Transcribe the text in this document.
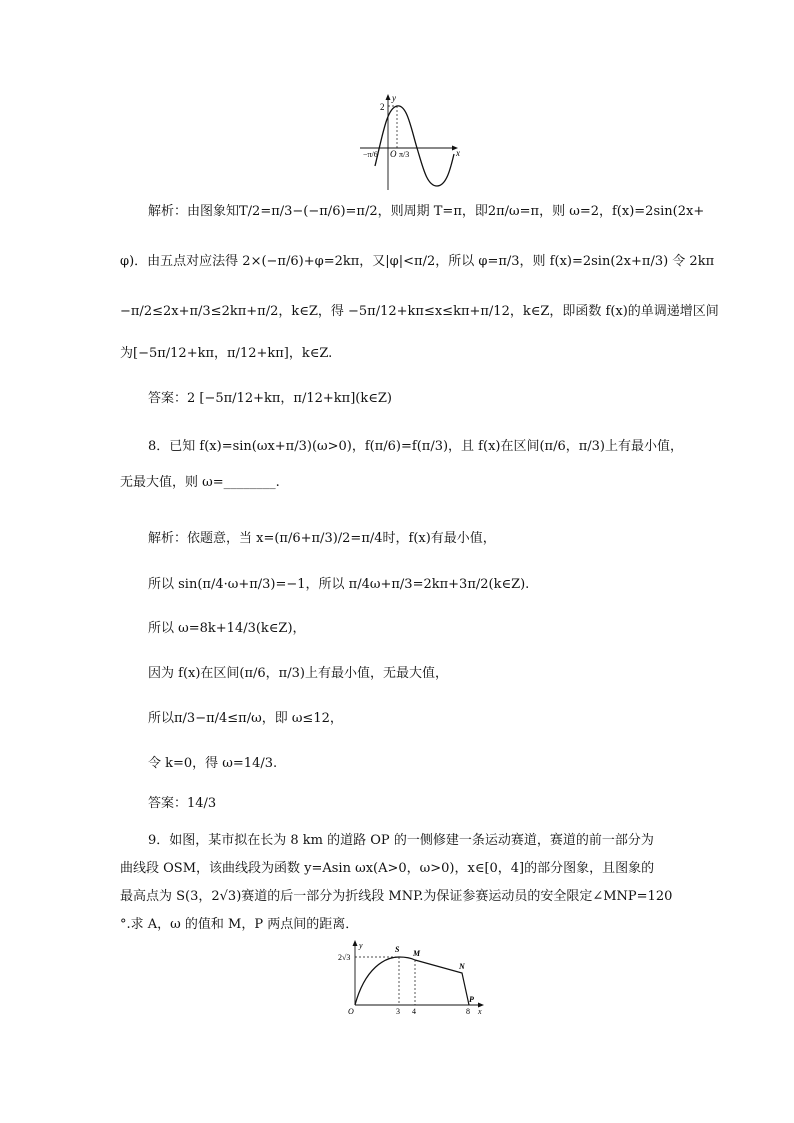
y
x
2
O
−π/6	π/3
解析：由图象知T/2=π/3−(−π/6)=π/2，则周期 T=π，即2π/ω=π，则 ω=2，f(x)=2sin(2x+
φ)．由五点对应法得 2×(−π/6)+φ=2kπ，又|φ|<π/2，所以 φ=π/3，则 f(x)=2sin(2x+π/3) 令 2kπ
−π/2≤2x+π/3≤2kπ+π/2，k∈Z，得 −5π/12+kπ≤x≤kπ+π/12，k∈Z，即函数 f(x)的单调递增区间
为[−5π/12+kπ，π/12+kπ]，k∈Z.
答案：2 [−5π/12+kπ，π/12+kπ](k∈Z)
8．已知 f(x)=sin(ωx+π/3)(ω>0)，f(π/6)=f(π/3)，且 f(x)在区间(π/6，π/3)上有最小值，
无最大值，则 ω=________.
解析：依题意，当 x=(π/6+π/3)/2=π/4时，f(x)有最小值，
所以 sin(π/4·ω+π/3)=−1，所以 π/4ω+π/3=2kπ+3π/2(k∈Z).
所以 ω=8k+14/3(k∈Z)，
因为 f(x)在区间(π/6，π/3)上有最小值，无最大值，
所以π/3−π/4≤π/ω，即 ω≤12，
令 k=0，得 ω=14/3.
答案：14/3
9．如图，某市拟在长为 8 km 的道路 OP 的一侧修建一条运动赛道，赛道的前一部分为
曲线段 OSM，该曲线段为函数 y=Asin ωx(A>0，ω>0)，x∈[0，4]的部分图象，且图象的
最高点为 S(3，2√3)赛道的后一部分为折线段 MNP.为保证参赛运动员的安全限定∠MNP=120
°.求 A，ω 的值和 M，P 两点间的距离．
y
x
2√3
O
S M
N
P
3 4	8
